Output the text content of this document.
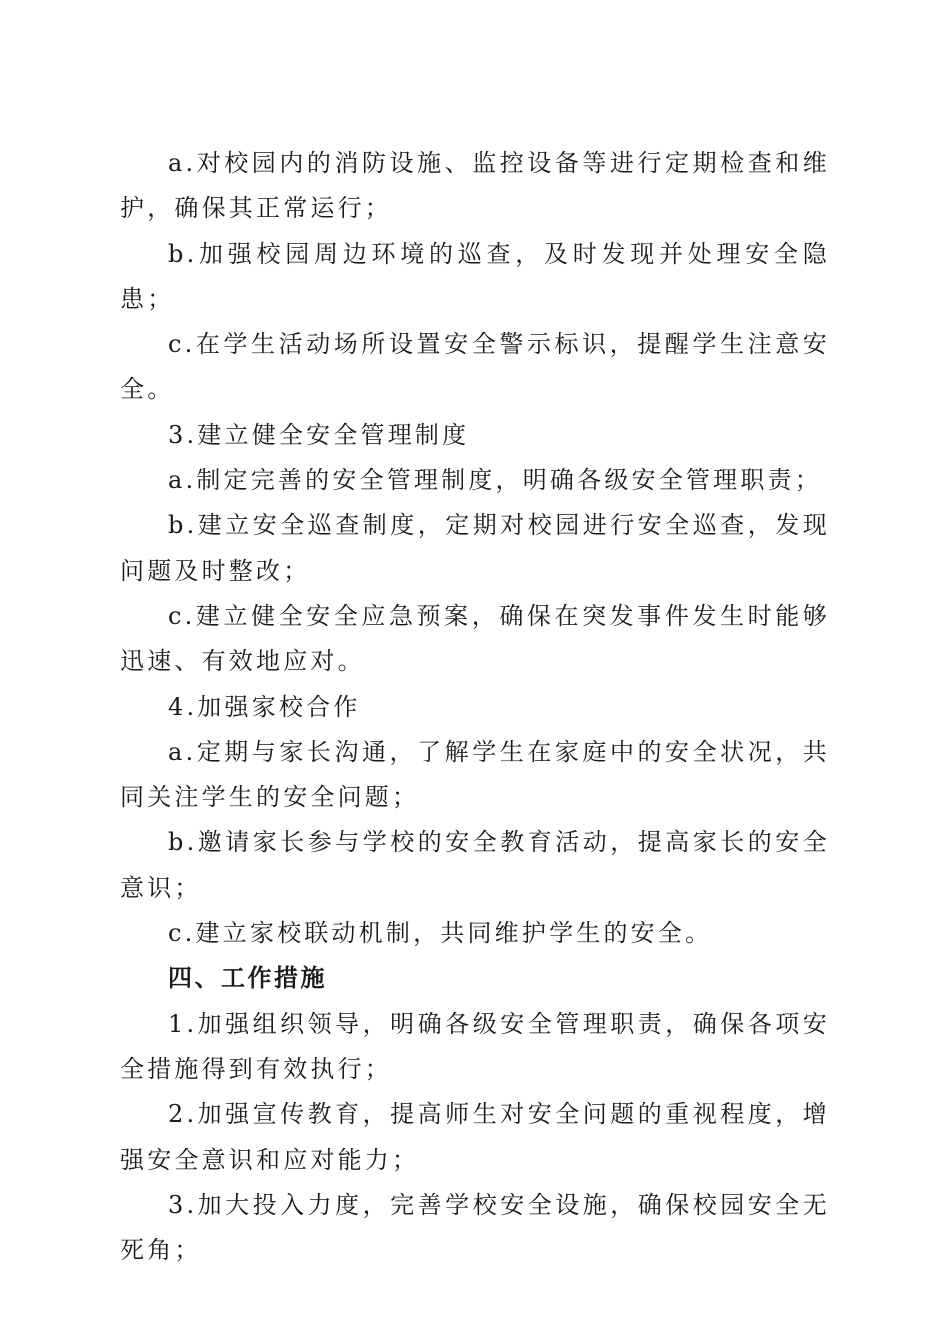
a.对校园内的消防设施、监控设备等进行定期检查和维护，确保其正常运行；

b.加强校园周边环境的巡查，及时发现并处理安全隐患；

c.在学生活动场所设置安全警示标识，提醒学生注意安全。

3.建立健全安全管理制度

a.制定完善的安全管理制度，明确各级安全管理职责；

b.建立安全巡查制度，定期对校园进行安全巡查，发现问题及时整改；

c.建立健全安全应急预案，确保在突发事件发生时能够迅速、有效地应对。

4.加强家校合作

a.定期与家长沟通，了解学生在家庭中的安全状况，共同关注学生的安全问题；

b.邀请家长参与学校的安全教育活动，提高家长的安全意识；

c.建立家校联动机制，共同维护学生的安全。

四、工作措施

1.加强组织领导，明确各级安全管理职责，确保各项安全措施得到有效执行；

2.加强宣传教育，提高师生对安全问题的重视程度，增强安全意识和应对能力；

3.加大投入力度，完善学校安全设施，确保校园安全无死角；
